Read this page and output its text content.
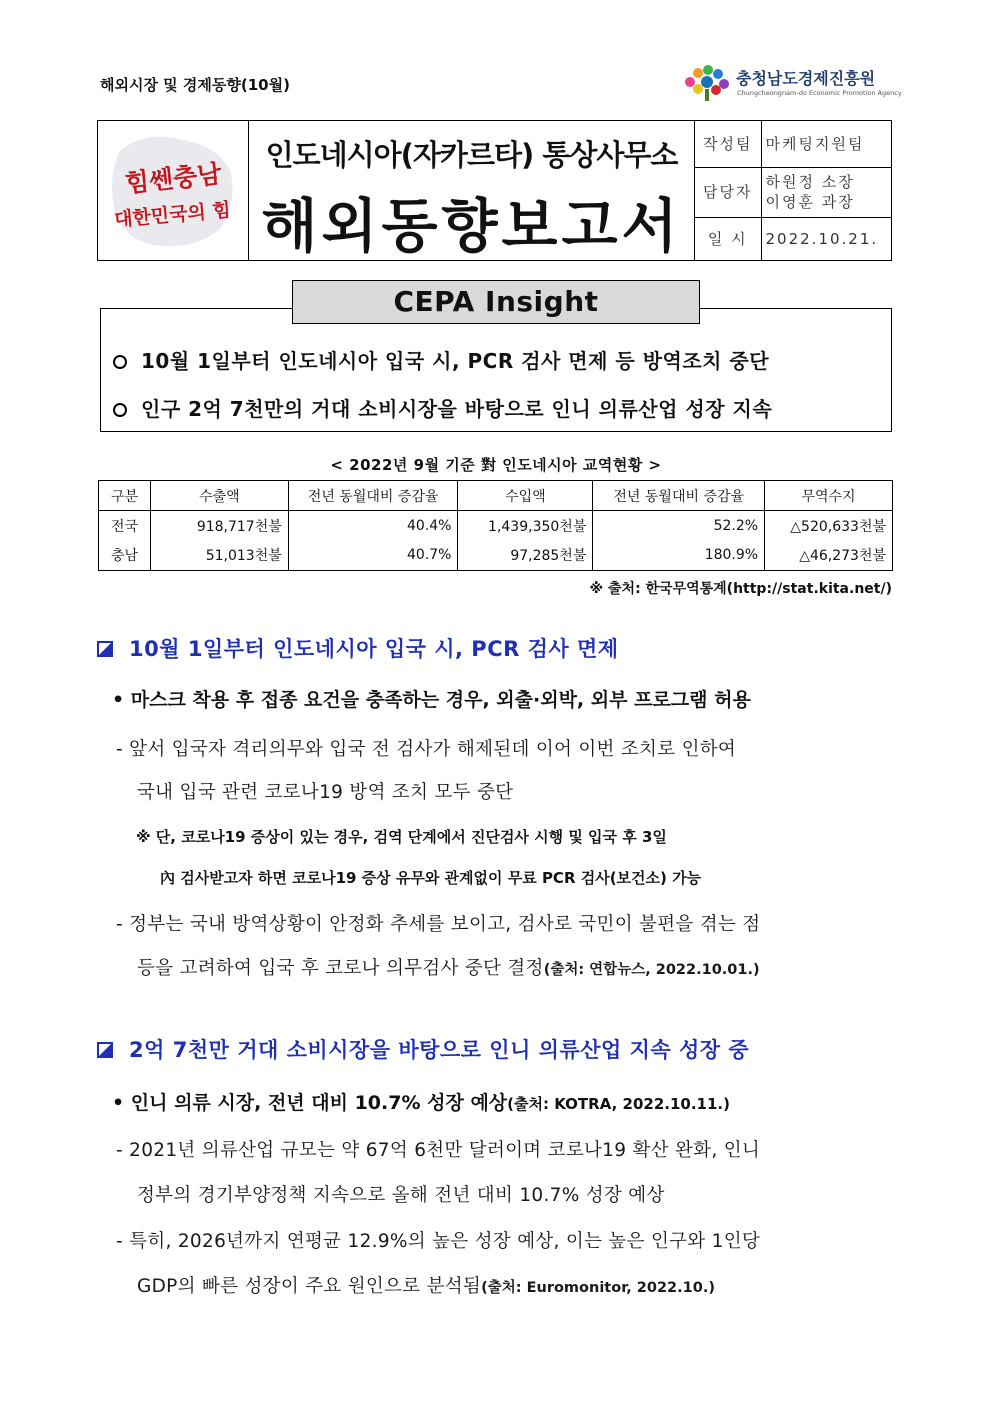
해외시장 및 경제동향(10월)	충청남도경제진흥원
Chungcheongnam-do Economic Promotion Agency
힘쎈충남
대한민국의 힘
인도네시아(자카르타) 통상사무소
해외동향보고서
작성팀	마케팅지원팀
담당자	하원정 소장
이영훈 과장

일 시	2022.10.21.
10월 1일부터 인도네시아 입국 시, PCR 검사 면제 등 방역조치 중단
인구 2억 7천만의 거대 소비시장을 바탕으로 인니 의류산업 성장 지속
CEPA Insight
< 2022년 9월 기준 對 인도네시아 교역현황 >
구분	수출액	전년 동월대비 증감율	수입액	전년 동월대비 증감율	무역수지
전국	918,717천불	40.4%	1,439,350천불	52.2%	△520,633천불
충남	51,013천불	40.7%	97,285천불	180.9%	△46,273천불
※ 출처: 한국무역통계(http://stat.kita.net/)
10월 1일부터 인도네시아 입국 시, PCR 검사 면제
• 마스크 착용 후 접종 요건을 충족하는 경우, 외출·외박, 외부 프로그램 허용
- 앞서 입국자 격리의무와 입국 전 검사가 해제된데 이어 이번 조치로 인하여
국내 입국 관련 코로나19 방역 조치 모두 중단
※ 단, 코로나19 증상이 있는 경우, 검역 단계에서 진단검사 시행 및 입국 후 3일
內 검사받고자 하면 코로나19 증상 유무와 관계없이 무료 PCR 검사(보건소) 가능
- 정부는 국내 방역상황이 안정화 추세를 보이고, 검사로 국민이 불편을 겪는 점
등을 고려하여 입국 후 코로나 의무검사 중단 결정(출처: 연합뉴스, 2022.10.01.)
2억 7천만 거대 소비시장을 바탕으로 인니 의류산업 지속 성장 중
• 인니 의류 시장, 전년 대비 10.7% 성장 예상(출처: KOTRA, 2022.10.11.)
- 2021년 의류산업 규모는 약 67억 6천만 달러이며 코로나19 확산 완화, 인니
정부의 경기부양정책 지속으로 올해 전년 대비 10.7% 성장 예상
- 특히, 2026년까지 연평균 12.9%의 높은 성장 예상, 이는 높은 인구와 1인당
GDP의 빠른 성장이 주요 원인으로 분석됨(출처: Euromonitor, 2022.10.)
